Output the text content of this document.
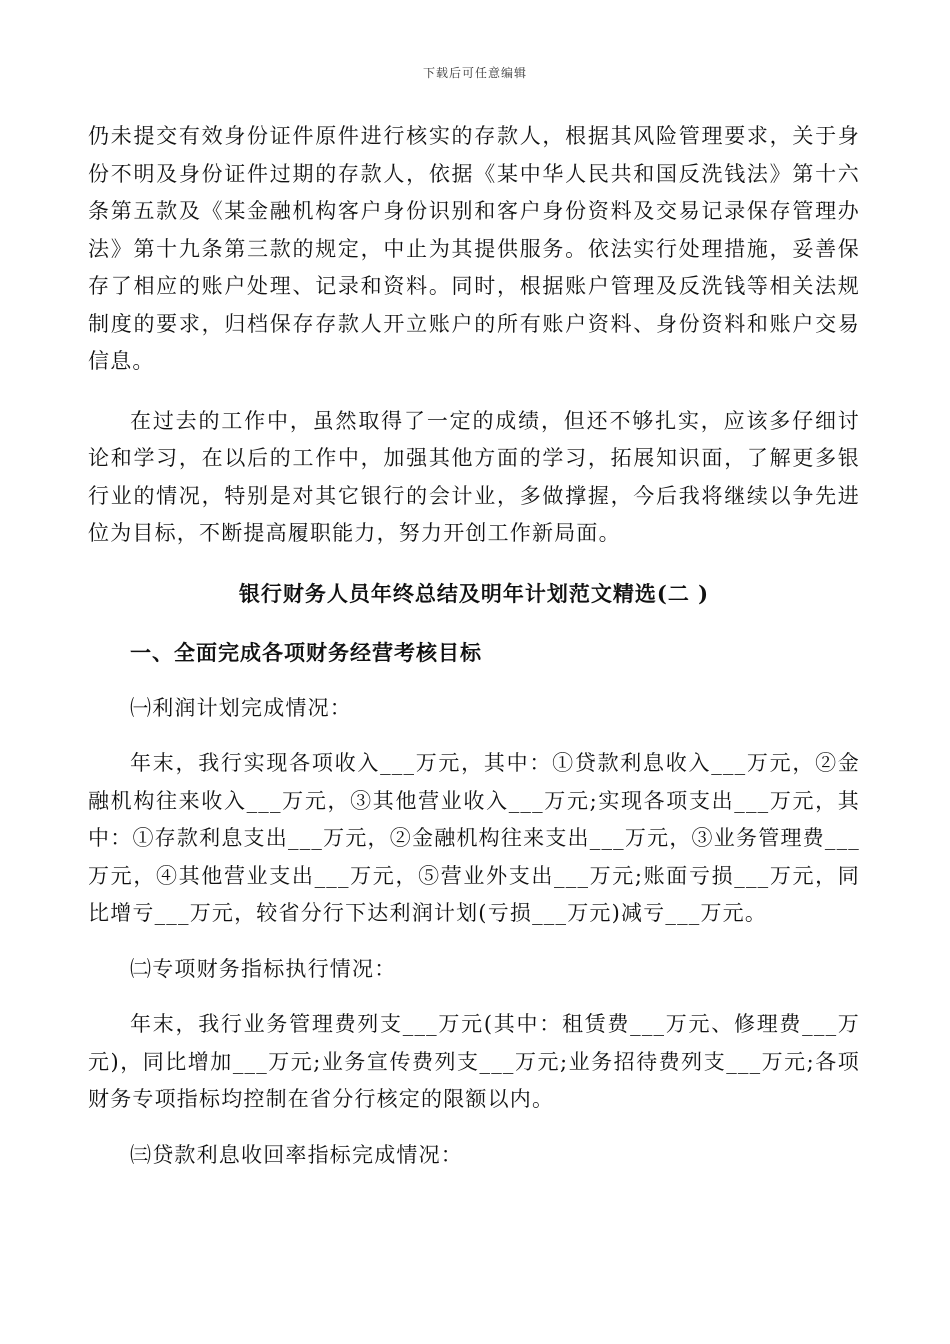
下载后可任意编辑

仍未提交有效身份证件原件进行核实的存款人，根据其风险管理要求，关于身份不明及身份证件过期的存款人，依据《某中华人民共和国反洗钱法》第十六条第五款及《某金融机构客户身份识别和客户身份资料及交易记录保存管理办法》第十九条第三款的规定，中止为其提供服务。依法实行处理措施，妥善保存了相应的账户处理、记录和资料。同时，根据账户管理及反洗钱等相关法规制度的要求，归档保存存款人开立账户的所有账户资料、身份资料和账户交易信息。

在过去的工作中，虽然取得了一定的成绩，但还不够扎实，应该多仔细讨论和学习，在以后的工作中，加强其他方面的学习，拓展知识面，了解更多银行业的情况，特别是对其它银行的会计业，多做撑握，今后我将继续以争先进位为目标，不断提高履职能力，努力开创工作新局面。

银行财务人员年终总结及明年计划范文精选(二 )

一、全面完成各项财务经营考核目标

㈠利润计划完成情况：

年末，我行实现各项收入___万元，其中：①贷款利息收入___万元，②金融机构往来收入___万元，③其他营业收入___万元;实现各项支出___万元，其中：①存款利息支出___万元，②金融机构往来支出___万元，③业务管理费___万元，④其他营业支出___万元，⑤营业外支出___万元;账面亏损___万元，同比增亏___万元，较省分行下达利润计划(亏损___万元)减亏___万元。

㈡专项财务指标执行情况：

年末，我行业务管理费列支___万元(其中：租赁费___万元、修理费___万元)，同比增加___万元;业务宣传费列支___万元;业务招待费列支___万元;各项财务专项指标均控制在省分行核定的限额以内。

㈢贷款利息收回率指标完成情况：
